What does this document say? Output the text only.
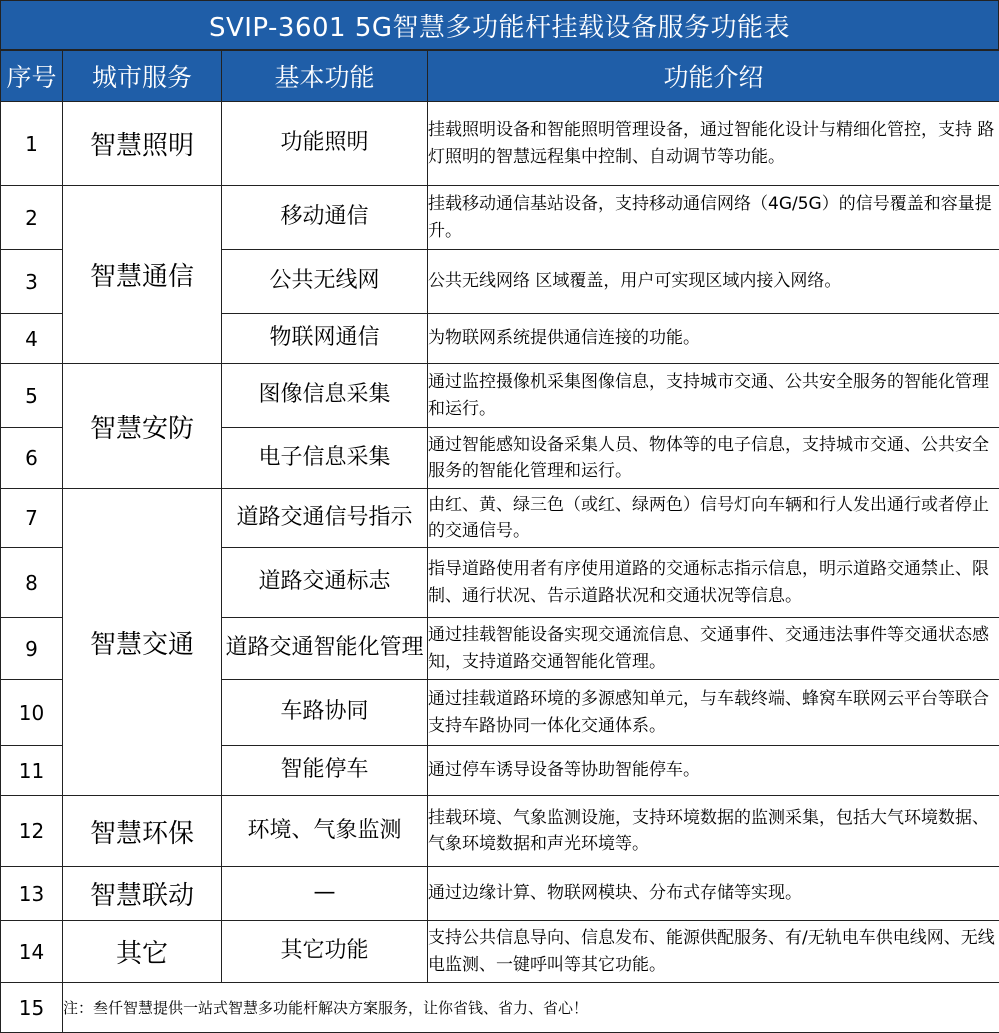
SVIP-3601 5G智慧多功能杆挂载设备服务功能表
序号	城市服务	基本功能	功能介绍
1	智慧照明	功能照明	挂载照明设备和智能照明管理设备，通过智能化设计与精细化管控，支持 路灯照明的智慧远程集中控制、自动调节等功能。
2	智慧通信	移动通信	挂载移动通信基站设备，支持移动通信网络（4G/5G）的信号覆盖和容量提升。
3		公共无线网	公共无线网络 区域覆盖，用户可实现区域内接入网络。
4		物联网通信	为物联网系统提供通信连接的功能。
5	智慧安防	图像信息采集	通过监控摄像机采集图像信息，支持城市交通、公共安全服务的智能化管理和运行。
6		电子信息采集	通过智能感知设备采集人员、物体等的电子信息，支持城市交通、公共安全服务的智能化管理和运行。
7	智慧交通	道路交通信号指示	由红、黄、绿三色（或红、绿两色）信号灯向车辆和行人发出通行或者停止的交通信号。
8		道路交通标志	指导道路使用者有序使用道路的交通标志指示信息，明示道路交通禁止、限制、通行状况、告示道路状况和交通状况等信息。
9		道路交通智能化管理	通过挂载智能设备实现交通流信息、交通事件、交通违法事件等交通状态感知，支持道路交通智能化管理。
10		车路协同	通过挂载道路环境的多源感知单元，与车载终端、蜂窝车联网云平台等联合支持车路协同一体化交通体系。
11		智能停车	通过停车诱导设备等协助智能停车。
12	智慧环保	环境、气象监测	挂载环境、气象监测设施，支持环境数据的监测采集，包括大气环境数据、气象环境数据和声光环境等。
13	智慧联动	—	通过边缘计算、物联网模块、分布式存储等实现。
14	其它	其它功能	支持公共信息导向、信息发布、能源供配服务、有/无轨电车供电线网、无线电监测、一键呼叫等其它功能。
15	注：叁仟智慧提供一站式智慧多功能杆解决方案服务，让你省钱、省力、省心！		
